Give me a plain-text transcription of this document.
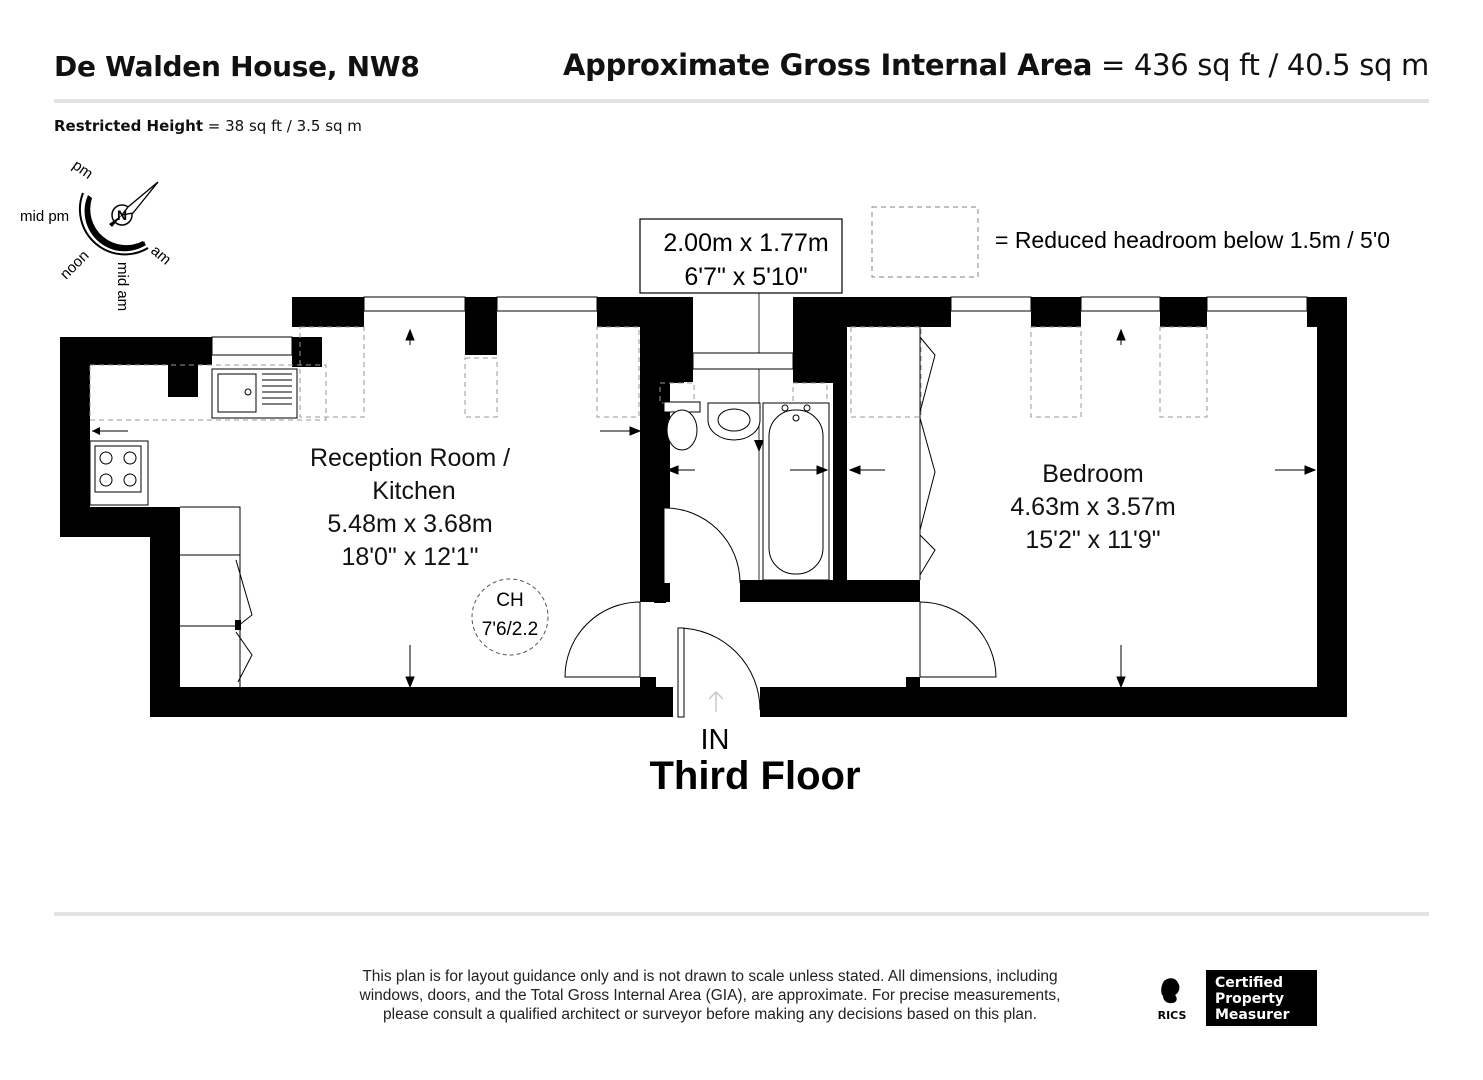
De Walden House, NW8	Approximate Gross Internal Area = 436 sq ft / 40.5 sq m
Restricted Height = 38 sq ft / 3.5 sq m
N
pm
mid pm
noon mid am
am
= Reduced headroom below 1.5m / 5'0
2.00m x 1.77m
6'7" x 5'10"
Reception Room /
Kitchen
5.48m x 3.68m
18'0" x 12'1"
Bedroom
4.63m x 3.57m
15'2" x 11'9"
CH
7'6/2.2
IN
Third Floor
This plan is for layout guidance only and is not drawn to scale unless stated. All dimensions, including
windows, doors, and the Total Gross Internal Area (GIA), are approximate. For precise measurements,
please consult a qualified architect or surveyor before making any decisions based on this plan.	RICS
Certified
Property
Measurer
